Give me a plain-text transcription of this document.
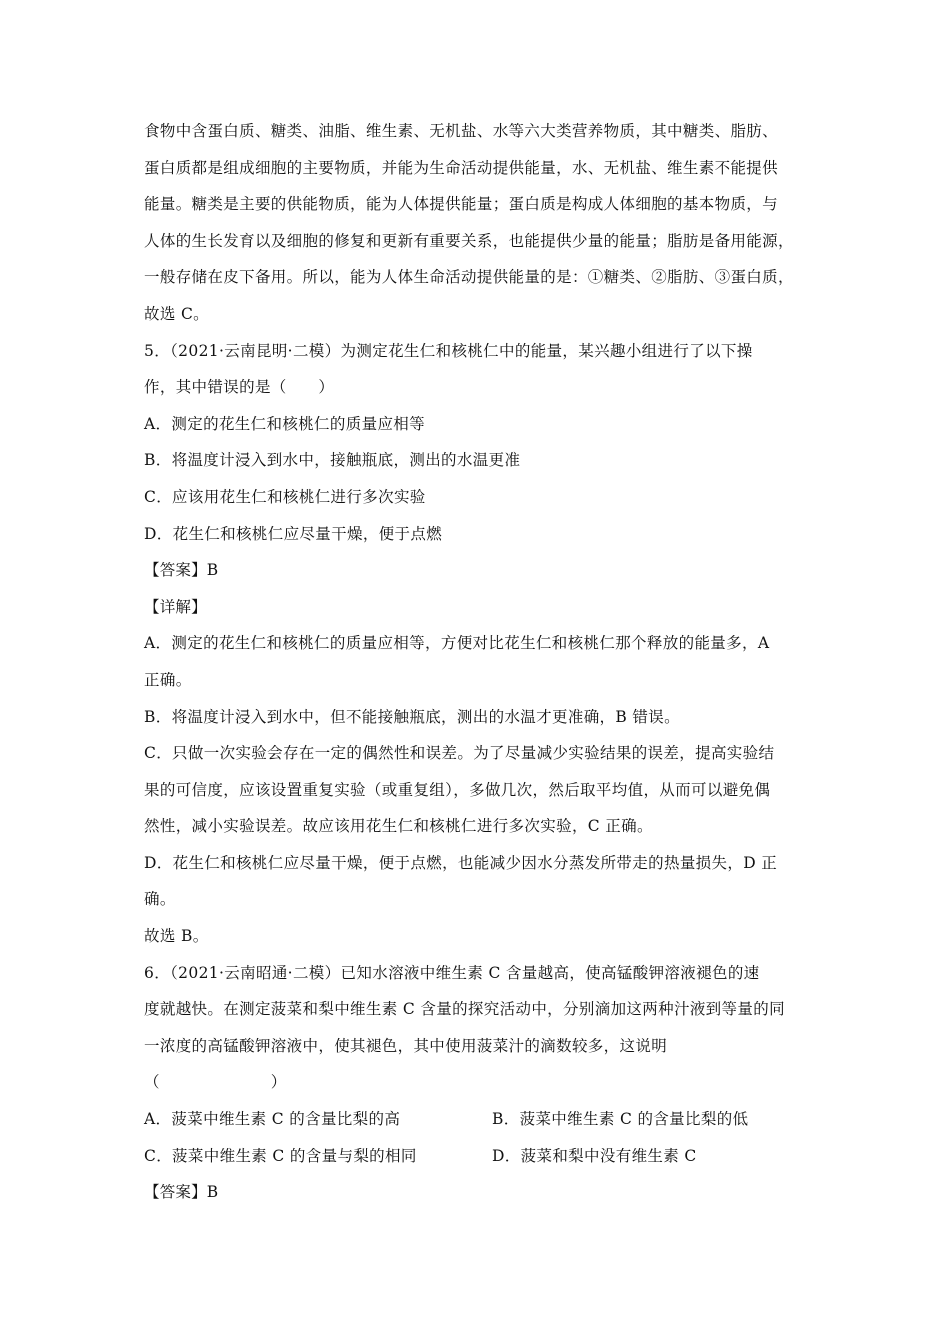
食物中含蛋白质、糖类、油脂、维生素、无机盐、水等六大类营养物质，其中糖类、脂肪、

蛋白质都是组成细胞的主要物质，并能为生命活动提供能量，水、无机盐、维生素不能提供

能量。糖类是主要的供能物质，能为人体提供能量；蛋白质是构成人体细胞的基本物质，与

人体的生长发育以及细胞的修复和更新有重要关系，也能提供少量的能量；脂肪是备用能源，

一般存储在皮下备用。所以，能为人体生命活动提供能量的是：①糖类、②脂肪、③蛋白质，

故选 C。

5．（2021·云南昆明·二模）为测定花生仁和核桃仁中的能量，某兴趣小组进行了以下操

作，其中错误的是（　　）

A．测定的花生仁和核桃仁的质量应相等

B．将温度计浸入到水中，接触瓶底，测出的水温更准

C．应该用花生仁和核桃仁进行多次实验

D．花生仁和核桃仁应尽量干燥，便于点燃

【答案】B

【详解】

A．测定的花生仁和核桃仁的质量应相等，方便对比花生仁和核桃仁那个释放的能量多，A

正确。

B．将温度计浸入到水中，但不能接触瓶底，测出的水温才更准确，B 错误。

C．只做一次实验会存在一定的偶然性和误差。为了尽量减少实验结果的误差，提高实验结

果的可信度，应该设置重复实验（或重复组），多做几次，然后取平均值，从而可以避免偶

然性，减小实验误差。故应该用花生仁和核桃仁进行多次实验，C 正确。

D．花生仁和核桃仁应尽量干燥，便于点燃，也能减少因水分蒸发所带走的热量损失，D 正

确。

故选 B。

6．（2021·云南昭通·二模）已知水溶液中维生素 C 含量越高，使高锰酸钾溶液褪色的速

度就越快。在测定菠菜和梨中维生素 C 含量的探究活动中，分别滴加这两种汁液到等量的同

一浓度的高锰酸钾溶液中，使其褪色，其中使用菠菜汁的滴数较多，这说明

（　　　　　　　）

A．菠菜中维生素 C 的含量比梨的高	B．菠菜中维生素 C 的含量比梨的低
C．菠菜中维生素 C 的含量与梨的相同	D．菠菜和梨中没有维生素 C

【答案】B
